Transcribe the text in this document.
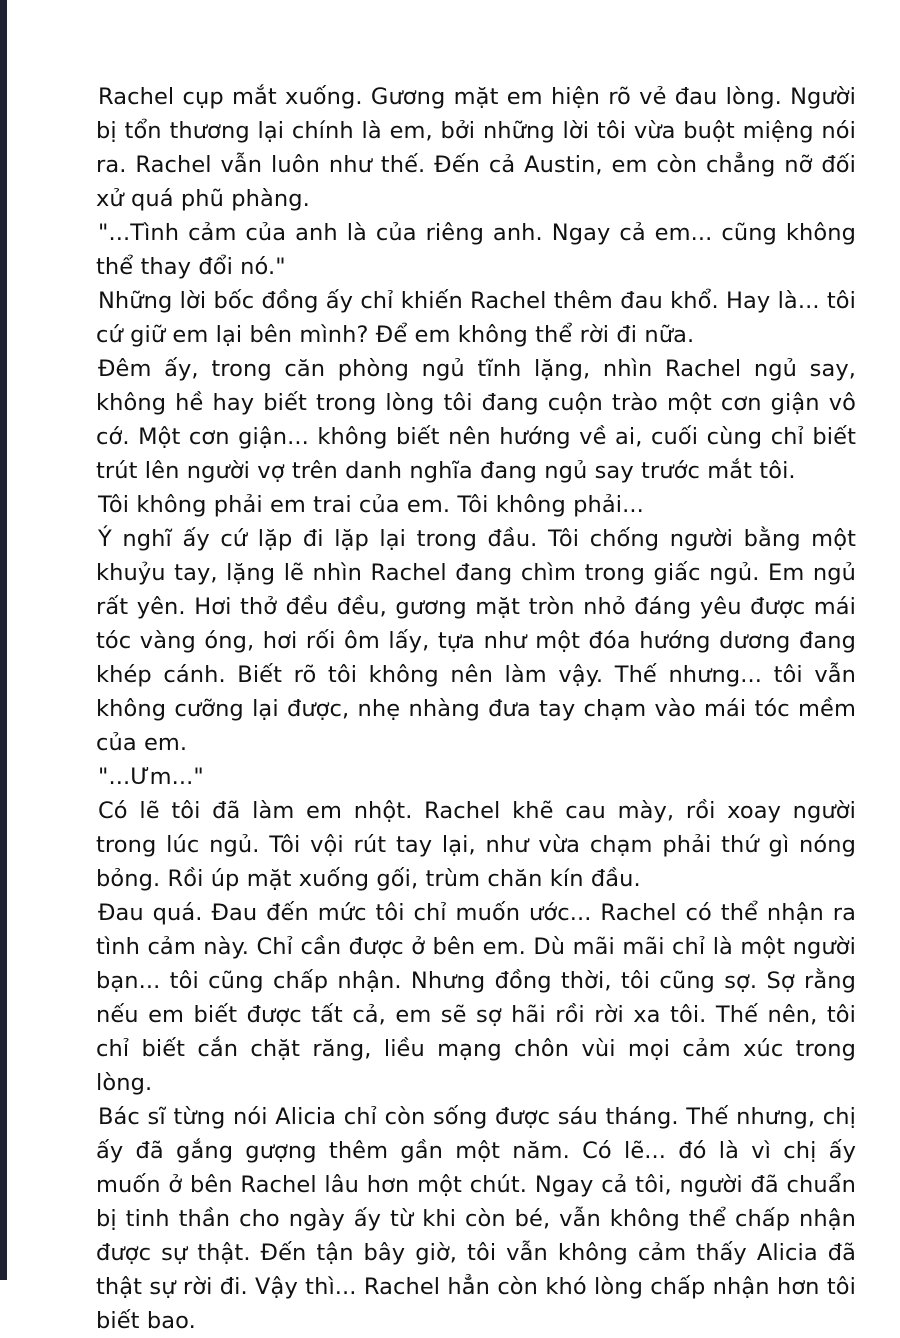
Rachel cụp mắt xuống. Gương mặt em hiện rõ vẻ đau lòng. Người bị tổn thương lại chính là em, bởi những lời tôi vừa buột miệng nói ra. Rachel vẫn luôn như thế. Đến cả Austin, em còn chẳng nỡ đối xử quá phũ phàng.

"...Tình cảm của anh là của riêng anh. Ngay cả em... cũng không thể thay đổi nó."

Những lời bốc đồng ấy chỉ khiến Rachel thêm đau khổ. Hay là... tôi cứ giữ em lại bên mình? Để em không thể rời đi nữa.

Đêm ấy, trong căn phòng ngủ tĩnh lặng, nhìn Rachel ngủ say, không hề hay biết trong lòng tôi đang cuộn trào một cơn giận vô cớ. Một cơn giận... không biết nên hướng về ai, cuối cùng chỉ biết trút lên người vợ trên danh nghĩa đang ngủ say trước mắt tôi.

Tôi không phải em trai của em. Tôi không phải...

Ý nghĩ ấy cứ lặp đi lặp lại trong đầu. Tôi chống người bằng một khuỷu tay, lặng lẽ nhìn Rachel đang chìm trong giấc ngủ. Em ngủ rất yên. Hơi thở đều đều, gương mặt tròn nhỏ đáng yêu được mái tóc vàng óng, hơi rối ôm lấy, tựa như một đóa hướng dương đang khép cánh. Biết rõ tôi không nên làm vậy. Thế nhưng... tôi vẫn không cưỡng lại được, nhẹ nhàng đưa tay chạm vào mái tóc mềm của em.

"...Ưm..."

Có lẽ tôi đã làm em nhột. Rachel khẽ cau mày, rồi xoay người trong lúc ngủ. Tôi vội rút tay lại, như vừa chạm phải thứ gì nóng bỏng. Rồi úp mặt xuống gối, trùm chăn kín đầu.

Đau quá. Đau đến mức tôi chỉ muốn ước... Rachel có thể nhận ra tình cảm này. Chỉ cần được ở bên em. Dù mãi mãi chỉ là một người bạn... tôi cũng chấp nhận. Nhưng đồng thời, tôi cũng sợ. Sợ rằng nếu em biết được tất cả, em sẽ sợ hãi rồi rời xa tôi. Thế nên, tôi chỉ biết cắn chặt răng, liều mạng chôn vùi mọi cảm xúc trong lòng.

Bác sĩ từng nói Alicia chỉ còn sống được sáu tháng. Thế nhưng, chị ấy đã gắng gượng thêm gần một năm. Có lẽ... đó là vì chị ấy muốn ở bên Rachel lâu hơn một chút. Ngay cả tôi, người đã chuẩn bị tinh thần cho ngày ấy từ khi còn bé, vẫn không thể chấp nhận được sự thật. Đến tận bây giờ, tôi vẫn không cảm thấy Alicia đã thật sự rời đi. Vậy thì... Rachel hẳn còn khó lòng chấp nhận hơn tôi biết bao.
